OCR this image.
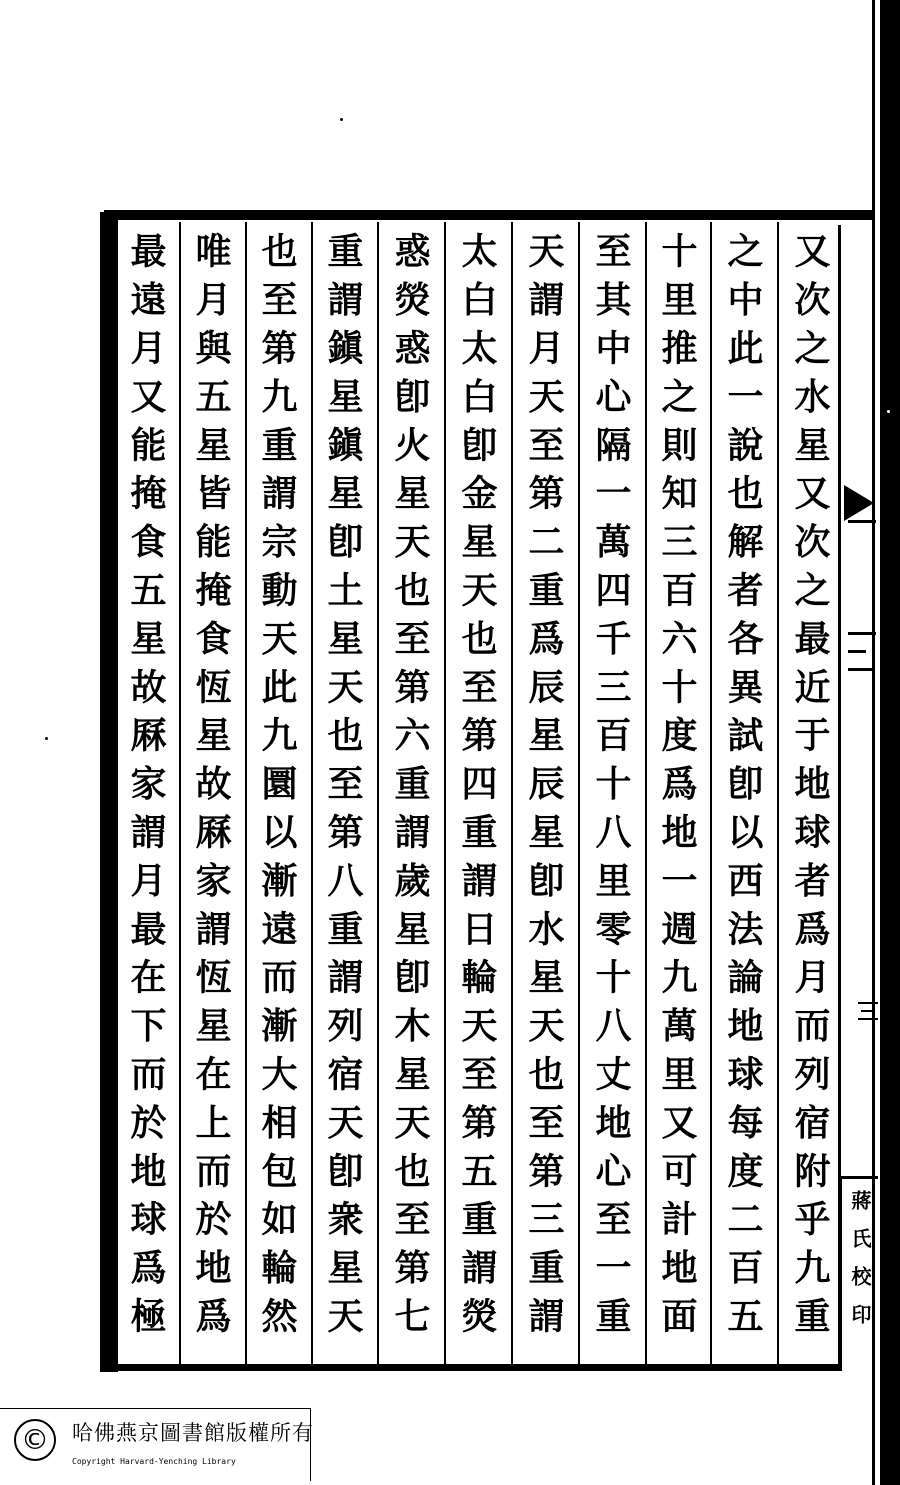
又次之水星又次之最近于地球者爲月而列宿附乎九重
之中此一說也解者各異試卽以西法論地球每度二百五
十里推之則知三百六十度爲地一週九萬里又可計地面
至其中心隔一萬四千三百十八里零十八丈地心至一重
天謂月天至第二重爲辰星辰星卽水星天也至第三重謂
太白太白卽金星天也至第四重謂日輪天至第五重謂熒
惑熒惑卽火星天也至第六重謂歲星卽木星天也至第七
重謂鎭星鎭星卽土星天也至第八重謂列宿天卽衆星天
也至第九重謂宗動天此九圜以漸遠而漸大相包如輪然
唯月與五星皆能掩食恆星故厤家謂恆星在上而於地爲
最遠月又能掩食五星故厤家謂月最在下而於地球爲極	蔣氏校印
©	哈佛燕京圖書館版權所有
Copyright Harvard-Yenching Library
